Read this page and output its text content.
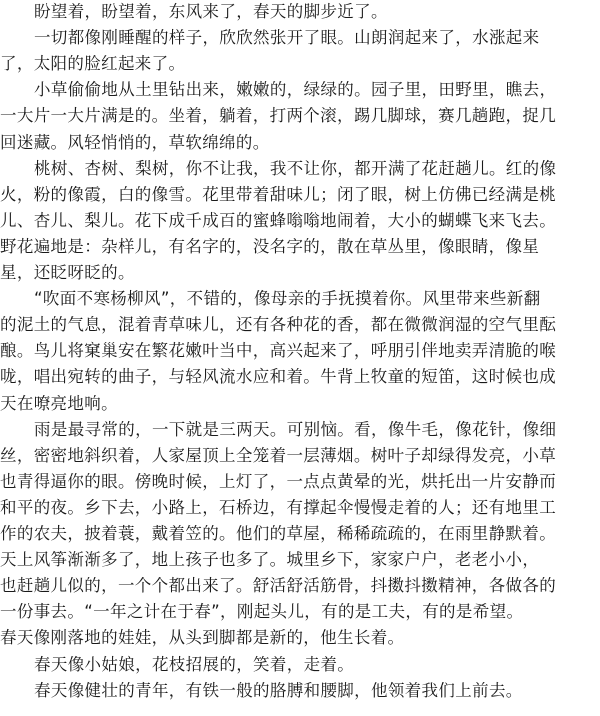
盼望着，盼望着，东风来了，春天的脚步近了。
一切都像刚睡醒的样子，欣欣然张开了眼。山朗润起来了，水涨起来
了，太阳的脸红起来了。
小草偷偷地从土里钻出来，嫩嫩的，绿绿的。园子里，田野里，瞧去，
一大片一大片满是的。坐着，躺着，打两个滚，踢几脚球，赛几趟跑，捉几
回迷藏。风轻悄悄的，草软绵绵的。
桃树、杏树、梨树，你不让我，我不让你，都开满了花赶趟儿。红的像
火，粉的像霞，白的像雪。花里带着甜味儿；闭了眼，树上仿佛已经满是桃
儿、杏儿、梨儿。花下成千成百的蜜蜂嗡嗡地闹着，大小的蝴蝶飞来飞去。
野花遍地是：杂样儿，有名字的，没名字的，散在草丛里，像眼睛，像星
星，还眨呀眨的。
“吹面不寒杨柳风”，不错的，像母亲的手抚摸着你。风里带来些新翻
的泥土的气息，混着青草味儿，还有各种花的香，都在微微润湿的空气里酝
酿。鸟儿将窠巢安在繁花嫩叶当中，高兴起来了，呼朋引伴地卖弄清脆的喉
咙，唱出宛转的曲子，与轻风流水应和着。牛背上牧童的短笛，这时候也成
天在嘹亮地响。
雨是最寻常的，一下就是三两天。可别恼。看，像牛毛，像花针，像细
丝，密密地斜织着，人家屋顶上全笼着一层薄烟。树叶子却绿得发亮，小草
也青得逼你的眼。傍晚时候，上灯了，一点点黄晕的光，烘托出一片安静而
和平的夜。乡下去，小路上，石桥边，有撑起伞慢慢走着的人；还有地里工
作的农夫，披着蓑，戴着笠的。他们的草屋，稀稀疏疏的，在雨里静默着。
天上风筝渐渐多了，地上孩子也多了。城里乡下，家家户户，老老小小，
也赶趟儿似的，一个个都出来了。舒活舒活筋骨，抖擞抖擞精神，各做各的
一份事去。“一年之计在于春”，刚起头儿，有的是工夫，有的是希望。
春天像刚落地的娃娃，从头到脚都是新的，他生长着。
春天像小姑娘，花枝招展的，笑着，走着。
春天像健壮的青年，有铁一般的胳膊和腰脚，他领着我们上前去。
